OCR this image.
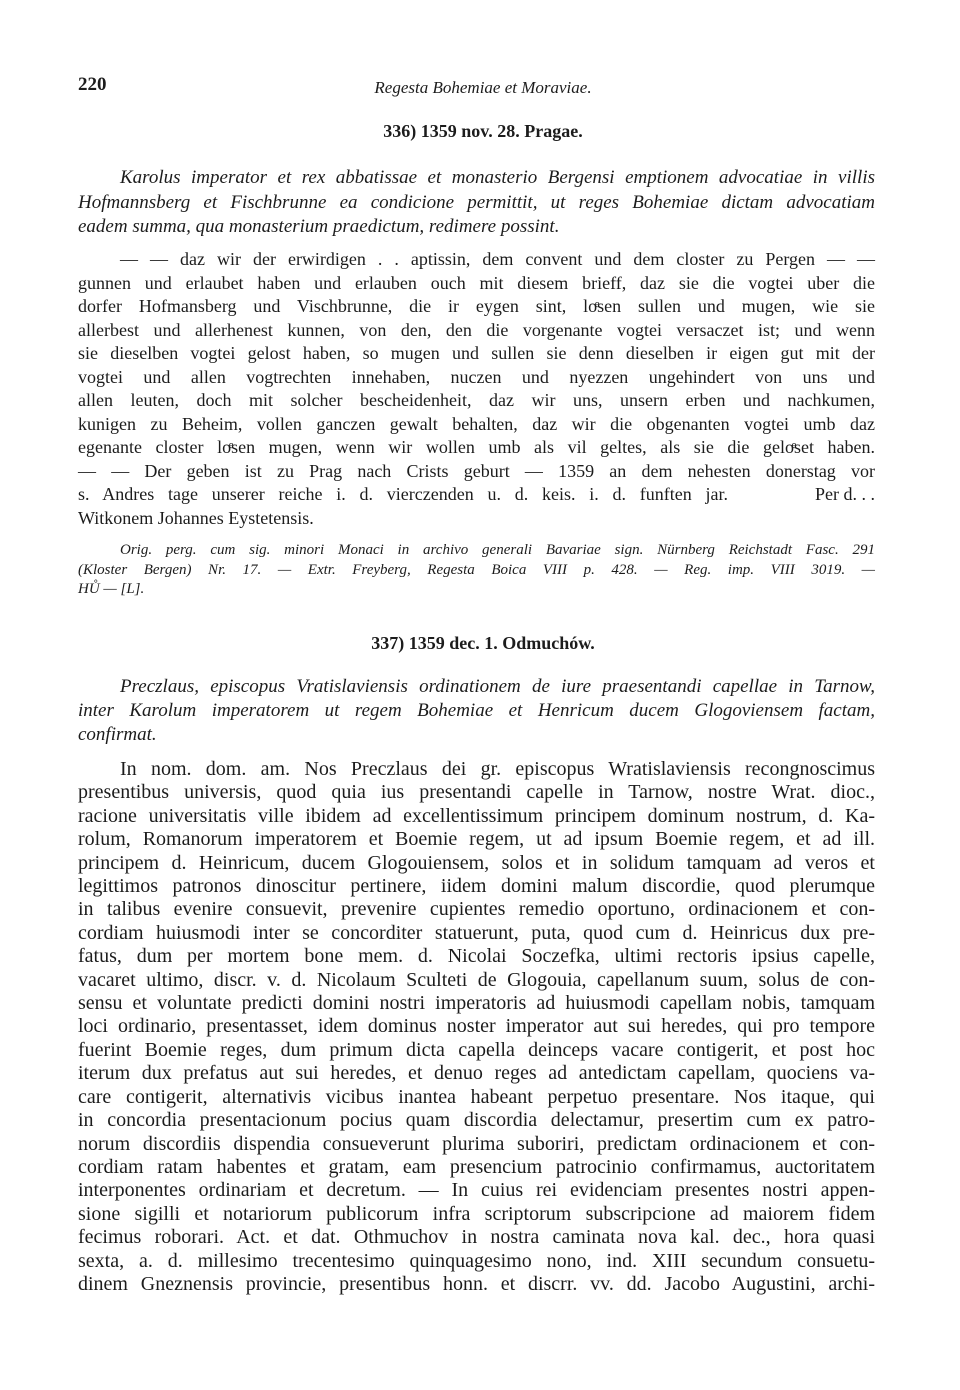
220	Regesta Bohemiae et Moraviae.
336) 1359 nov. 28. Pragae.
Karolus imperator et rex abbatissae et monasterio Bergensi emptionem advocatiae in villis
Hofmannsberg et Fischbrunne ea condicione permittit, ut reges Bohemiae dictam advocatiam
eadem summa, qua monasterium praedictum, redimere possint.
— — daz wir der erwirdigen . . aptissin, dem convent und dem closter zu Pergen — —
gunnen und erlaubet haben und erlauben ouch mit diesem brieff, daz sie die vogtei uber die
dorfer Hofmansberg und Vischbrunne, die ir eygen sint, loͤsen sullen und mugen, wie sie
allerbest und allerhenest kunnen, von den, den die vorgenante vogtei versaczet ist; und wenn
sie dieselben vogtei gelost haben, so mugen und sullen sie denn dieselben ir eigen gut mit der
vogtei und allen vogtrechten innehaben, nuczen und nyezzen ungehindert von uns und
allen leuten, doch mit solcher bescheidenheit, daz wir uns, unsern erben und nachkumen,
kunigen zu Beheim, vollen ganczen gewalt behalten, daz wir die obgenanten vogtei umb daz
egenante closter loͤsen mugen, wenn wir wollen umb als vil geltes, als sie die geloͤset haben.
— — Der geben ist zu Prag nach Crists geburt — 1359 an dem nehesten donerstag vor
s. Andres tage unserer reiche i. d. vierczenden u. d. keis. i. d. funften jar.	Per d. . .
Witkonem Johannes Eystetensis.
Orig. perg. cum sig. minori Monaci in archivo generali Bavariae sign. Nürnberg Reichstadt Fasc. 291
(Kloster Bergen) Nr. 17. — Extr. Freyberg, Regesta Boica VIII p. 428. — Reg. imp. VIII 3019. —
HŮ — [L].
337) 1359 dec. 1. Odmuchów.
Preczlaus, episcopus Vratislaviensis ordinationem de iure praesentandi capellae in Tarnow,
inter Karolum imperatorem ut regem Bohemiae et Henricum ducem Glogoviensem factam,
confirmat.
In nom. dom. am. Nos Preczlaus dei gr. episcopus Wratislaviensis recongnoscimus
presentibus universis, quod quia ius presentandi capelle in Tarnow, nostre Wrat. dioc.,
racione universitatis ville ibidem ad excellentissimum principem dominum nostrum, d. Ka-
rolum, Romanorum imperatorem et Boemie regem, ut ad ipsum Boemie regem, et ad ill.
principem d. Heinricum, ducem Glogouiensem, solos et in solidum tamquam ad veros et
legittimos patronos dinoscitur pertinere, iidem domini malum discordie, quod plerumque
in talibus evenire consuevit, prevenire cupientes remedio oportuno, ordinacionem et con-
cordiam huiusmodi inter se concorditer statuerunt, puta, quod cum d. Heinricus dux pre-
fatus, dum per mortem bone mem. d. Nicolai Soczefka, ultimi rectoris ipsius capelle,
vacaret ultimo, discr. v. d. Nicolaum Sculteti de Glogouia, capellanum suum, solus de con-
sensu et voluntate predicti domini nostri imperatoris ad huiusmodi capellam nobis, tamquam
loci ordinario, presentasset, idem dominus noster imperator aut sui heredes, qui pro tempore
fuerint Boemie reges, dum primum dicta capella deinceps vacare contigerit, et post hoc
iterum dux prefatus aut sui heredes, et denuo reges ad antedictam capellam, quociens va-
care contigerit, alternativis vicibus inantea habeant perpetuo presentare. Nos itaque, qui
in concordia presentacionum pocius quam discordia delectamur, presertim cum ex patro-
norum discordiis dispendia consueverunt plurima suboriri, predictam ordinacionem et con-
cordiam ratam habentes et gratam, eam presencium patrocinio confirmamus, auctoritatem
interponentes ordinariam et decretum. — In cuius rei evidenciam presentes nostri appen-
sione sigilli et notariorum publicorum infra scriptorum subscripcione ad maiorem fidem
fecimus roborari. Act. et dat. Othmuchov in nostra caminata nova kal. dec., hora quasi
sexta, a. d. millesimo trecentesimo quinquagesimo nono, ind. XIII secundum consuetu-
dinem Gneznensis provincie, presentibus honn. et discrr. vv. dd. Jacobo Augustini, archi-
